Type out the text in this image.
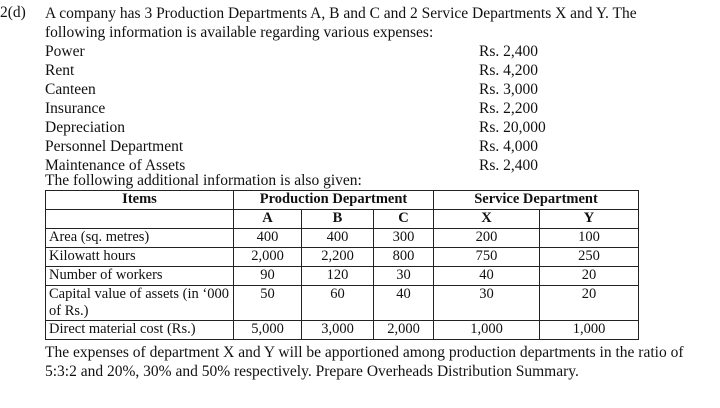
2(d) A company has 3 Production Departments A, B and C and 2 Service Departments X and Y. The following information is available regarding various expenses:
Power	Rs. 2,400
Rent	Rs. 4,200
Canteen	Rs. 3,000
Insurance	Rs. 2,200
Depreciation	Rs. 20,000
Personnel Department	Rs. 4,000
Maintenance of Assets	Rs. 2,400
The following additional information is also given:
Items	Production Department			Service Department	
	A	B	C	X	Y
Area (sq. metres)	400	400	300	200	100
Kilowatt hours	2,000	2,200	800	750	250
Number of workers	90	120	30	40	20
Capital value of assets (in ‘000 of Rs.)	50	60	40	30	20
Direct material cost (Rs.)	5,000	3,000	2,000	1,000	1,000
The expenses of department X and Y will be apportioned among production departments in the ratio of 5:3:2 and 20%, 30% and 50% respectively. Prepare Overheads Distribution Summary.
